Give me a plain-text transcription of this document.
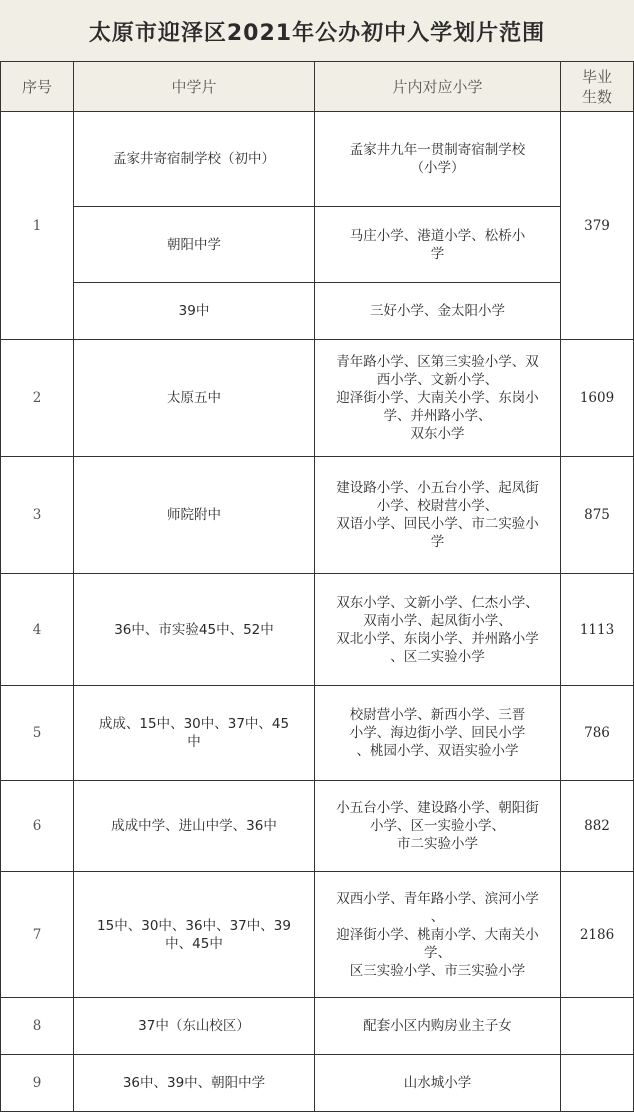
太原市迎泽区2021年公办初中入学划片范围
序号	中学片	片内对应小学	毕业
生数

1	孟家井寄宿制学校（初中）	孟家井九年一贯制寄宿制学校
（小学）	379

	朝阳中学	马庄小学、港道小学、松桥小
学	

	39中	三好小学、金太阳小学	

2	太原五中	青年路小学、区第三实验小学、双
西小学、文新小学、
迎泽街小学、大南关小学、东岗小
学、并州路小学、
双东小学	1609
3	师院附中	建设路小学、小五台小学、起凤街
小学、校尉营小学、
双语小学、回民小学、市二实验小
学	875
4	36中、市实验45中、52中	双东小学、文新小学、仁杰小学、
双南小学、起凤街小学、
双北小学、东岗小学、并州路小学
、区二实验小学	1113
5	成成、15中、30中、37中、45
中	校尉营小学、新西小学、三晋
小学、海边街小学、回民小学
、桃园小学、双语实验小学	786
6	成成中学、进山中学、36中	小五台小学、建设路小学、朝阳街
小学、区一实验小学、
市二实验小学	882
7	15中、30中、36中、37中、39
中、45中	双西小学、青年路小学、滨河小学
、
迎泽街小学、桃南小学、大南关小
学、
区三实验小学、市三实验小学	2186
8	37中（东山校区）	配套小区内购房业主子女	

9	36中、39中、朝阳中学	山水城小学	
